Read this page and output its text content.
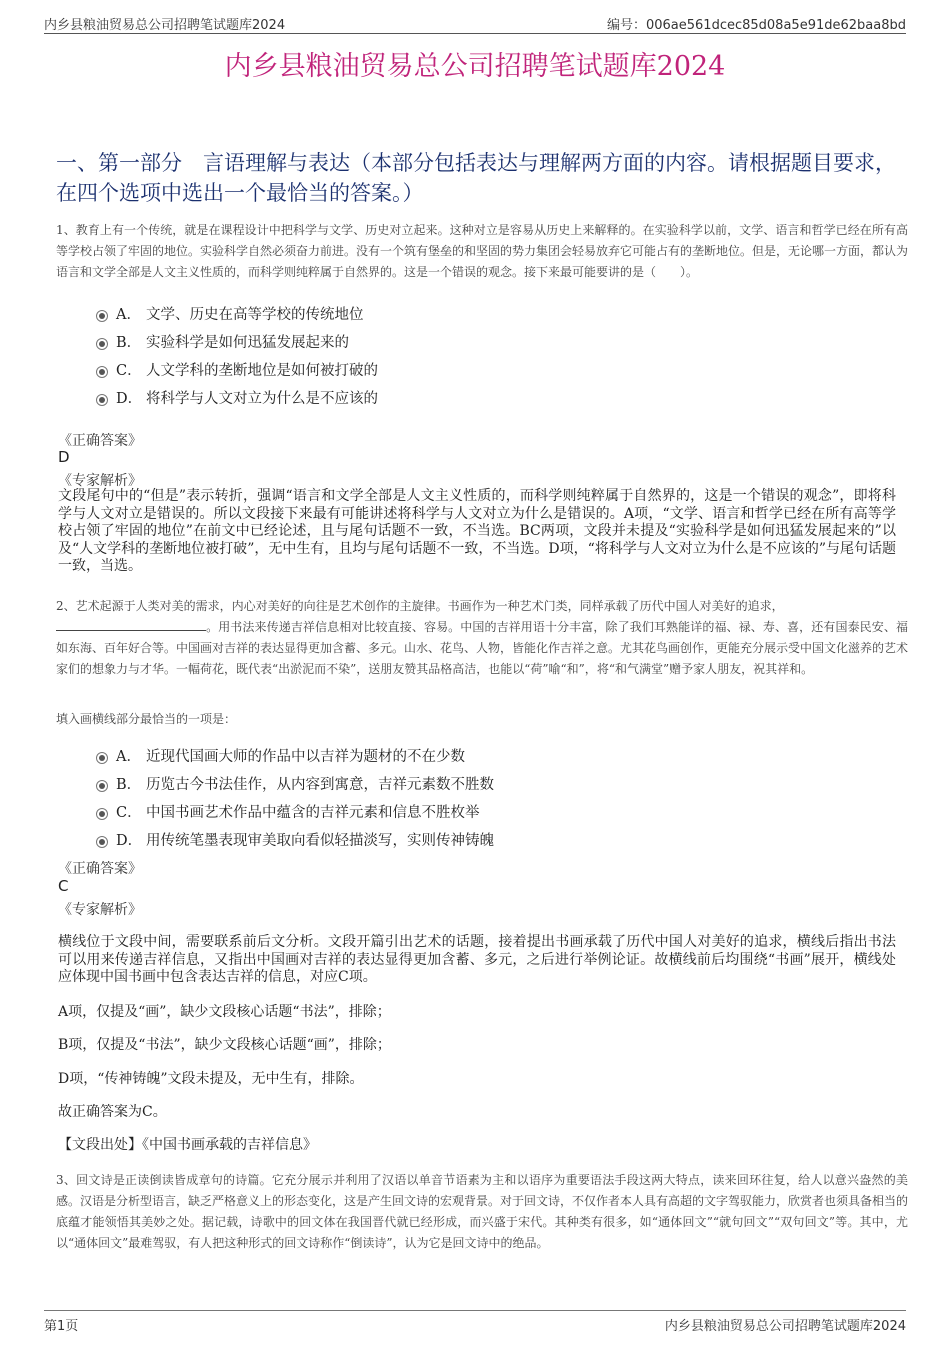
内乡县粮油贸易总公司招聘笔试题库2024	编号：006ae561dcec85d08a5e91de62baa8bd
内乡县粮油贸易总公司招聘笔试题库2024
一、第一部分　言语理解与表达（本部分包括表达与理解两方面的内容。请根据题目要求，在四个选项中选出一个最恰当的答案。）
1、教育上有一个传统，就是在课程设计中把科学与文学、历史对立起来。这种对立是容易从历史上来解释的。在实验科学以前，文学、语言和哲学已经在所有高等学校占领了牢固的地位。实验科学自然必须奋力前进。没有一个筑有堡垒的和坚固的势力集团会轻易放弃它可能占有的垄断地位。但是，无论哪一方面，都认为语言和文学全部是人文主义性质的，而科学则纯粹属于自然界的。这是一个错误的观念。接下来最可能要讲的是（　　）。
A． 文学、历史在高等学校的传统地位
B． 实验科学是如何迅猛发展起来的
C． 人文学科的垄断地位是如何被打破的
D． 将科学与人文对立为什么是不应该的
《正确答案》
D
《专家解析》
文段尾句中的“但是”表示转折，强调“语言和文学全部是人文主义性质的，而科学则纯粹属于自然界的，这是一个错误的观念”，即将科学与人文对立是错误的。所以文段接下来最有可能讲述将科学与人文对立为什么是错误的。A项，“文学、语言和哲学已经在所有高等学校占领了牢固的地位”在前文中已经论述，且与尾句话题不一致，不当选。BC两项，文段并未提及“实验科学是如何迅猛发展起来的”以及“人文学科的垄断地位被打破”，无中生有，且均与尾句话题不一致，不当选。D项，“将科学与人文对立为什么是不应该的”与尾句话题一致，当选。
2、艺术起源于人类对美的需求，内心对美好的向往是艺术创作的主旋律。书画作为一种艺术门类，同样承载了历代中国人对美好的追求，
。用书法来传递吉祥信息相对比较直接、容易。中国的吉祥用语十分丰富，除了我们耳熟能详的福、禄、寿、喜，还有国泰民安、福如东海、百年好合等。中国画对吉祥的表达显得更加含蓄、多元。山水、花鸟、人物，皆能化作吉祥之意。尤其花鸟画创作，更能充分展示受中国文化滋养的艺术家们的想象力与才华。一幅荷花，既代表“出淤泥而不染”，送朋友赞其品格高洁，也能以“荷”喻“和”，将“和气满堂”赠予家人朋友，祝其祥和。
填入画横线部分最恰当的一项是：
A． 近现代国画大师的作品中以吉祥为题材的不在少数
B． 历览古今书法佳作，从内容到寓意，吉祥元素数不胜数
C． 中国书画艺术作品中蕴含的吉祥元素和信息不胜枚举
D． 用传统笔墨表现审美取向看似轻描淡写，实则传神铸魄
《正确答案》
C
《专家解析》
横线位于文段中间，需要联系前后文分析。文段开篇引出艺术的话题，接着提出书画承载了历代中国人对美好的追求，横线后指出书法可以用来传递吉祥信息，又指出中国画对吉祥的表达显得更加含蓄、多元，之后进行举例论证。故横线前后均围绕“书画”展开，横线处应体现中国书画中包含表达吉祥的信息，对应C项。
A项，仅提及“画”，缺少文段核心话题“书法”，排除；
B项，仅提及“书法”，缺少文段核心话题“画”，排除；
D项，“传神铸魄”文段未提及，无中生有，排除。
故正确答案为C。
【文段出处】《中国书画承载的吉祥信息》
3、回文诗是正读倒读皆成章句的诗篇。它充分展示并利用了汉语以单音节语素为主和以语序为重要语法手段这两大特点，读来回环往复，给人以意兴盎然的美感。汉语是分析型语言，缺乏严格意义上的形态变化，这是产生回文诗的宏观背景。对于回文诗，不仅作者本人具有高超的文字驾驭能力，欣赏者也须具备相当的底蕴才能领悟其美妙之处。据记载，诗歌中的回文体在我国晋代就已经形成，而兴盛于宋代。其种类有很多，如“通体回文”“就句回文”“双句回文”等。其中，尤以“通体回文”最难驾驭，有人把这种形式的回文诗称作“倒读诗”，认为它是回文诗中的绝品。
第1页	内乡县粮油贸易总公司招聘笔试题库2024
